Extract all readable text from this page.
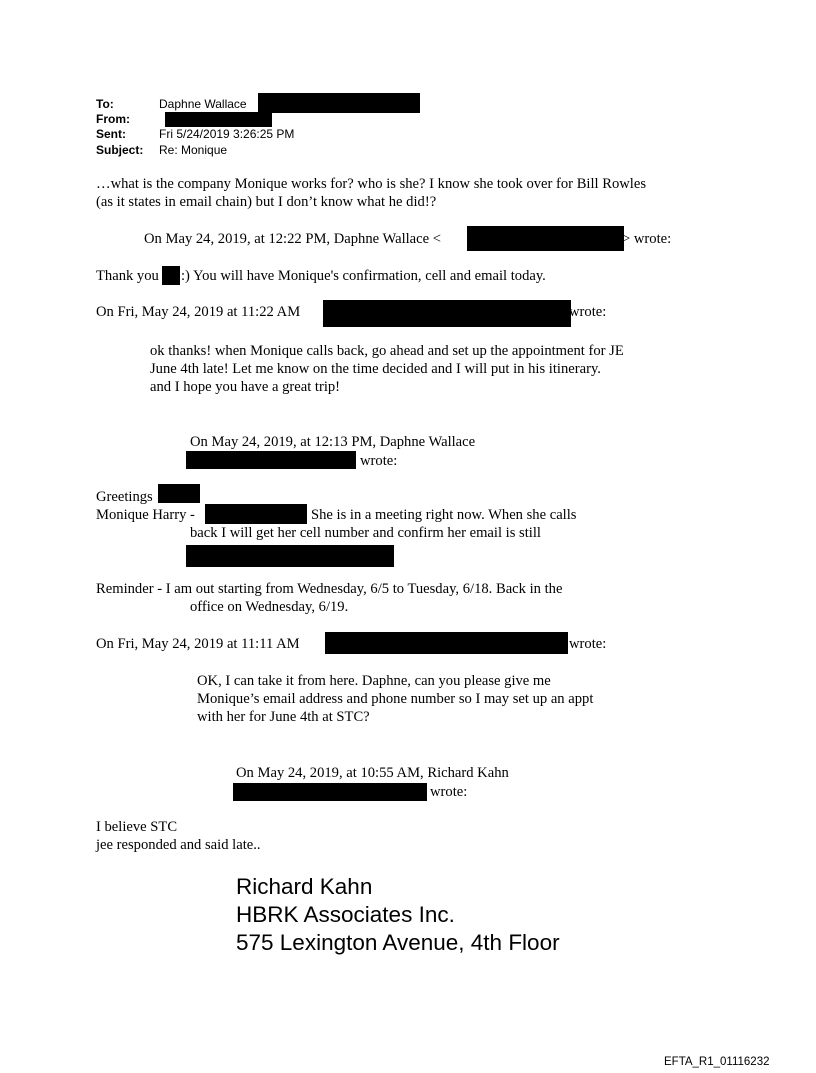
To:	Daphne Wallace
From:
Sent:	Fri 5/24/2019 3:26:25 PM
Subject: Re: Monique
…what is the company Monique works for? who is she? I know she took over for Bill Rowles
(as it states in email chain) but I don’t know what he did!?
On May 24, 2019, at 12:22 PM, Daphne Wallace <	> wrote:
Thank you :) You will have Monique's confirmation, cell and email today.
On Fri, May 24, 2019 at 11:22 AM	wrote:
ok thanks! when Monique calls back, go ahead and set up the appointment for JE
June 4th late! Let me know on the time decided and I will put in his itinerary.
and I hope you have a great trip!
On May 24, 2019, at 12:13 PM, Daphne Wallace
wrote:
Greetings
Monique Harry -	She is in a meeting right now. When she calls
back I will get her cell number and confirm her email is still
Reminder - I am out starting from Wednesday, 6/5 to Tuesday, 6/18. Back in the
office on Wednesday, 6/19.
On Fri, May 24, 2019 at 11:11 AM	wrote:
OK, I can take it from here. Daphne, can you please give me
Monique’s email address and phone number so I may set up an appt
with her for June 4th at STC?
On May 24, 2019, at 10:55 AM, Richard Kahn
wrote:
I believe STC
jee responded and said late..
Richard Kahn
HBRK Associates Inc.
575 Lexington Avenue, 4th Floor
EFTA_R1_01116232
